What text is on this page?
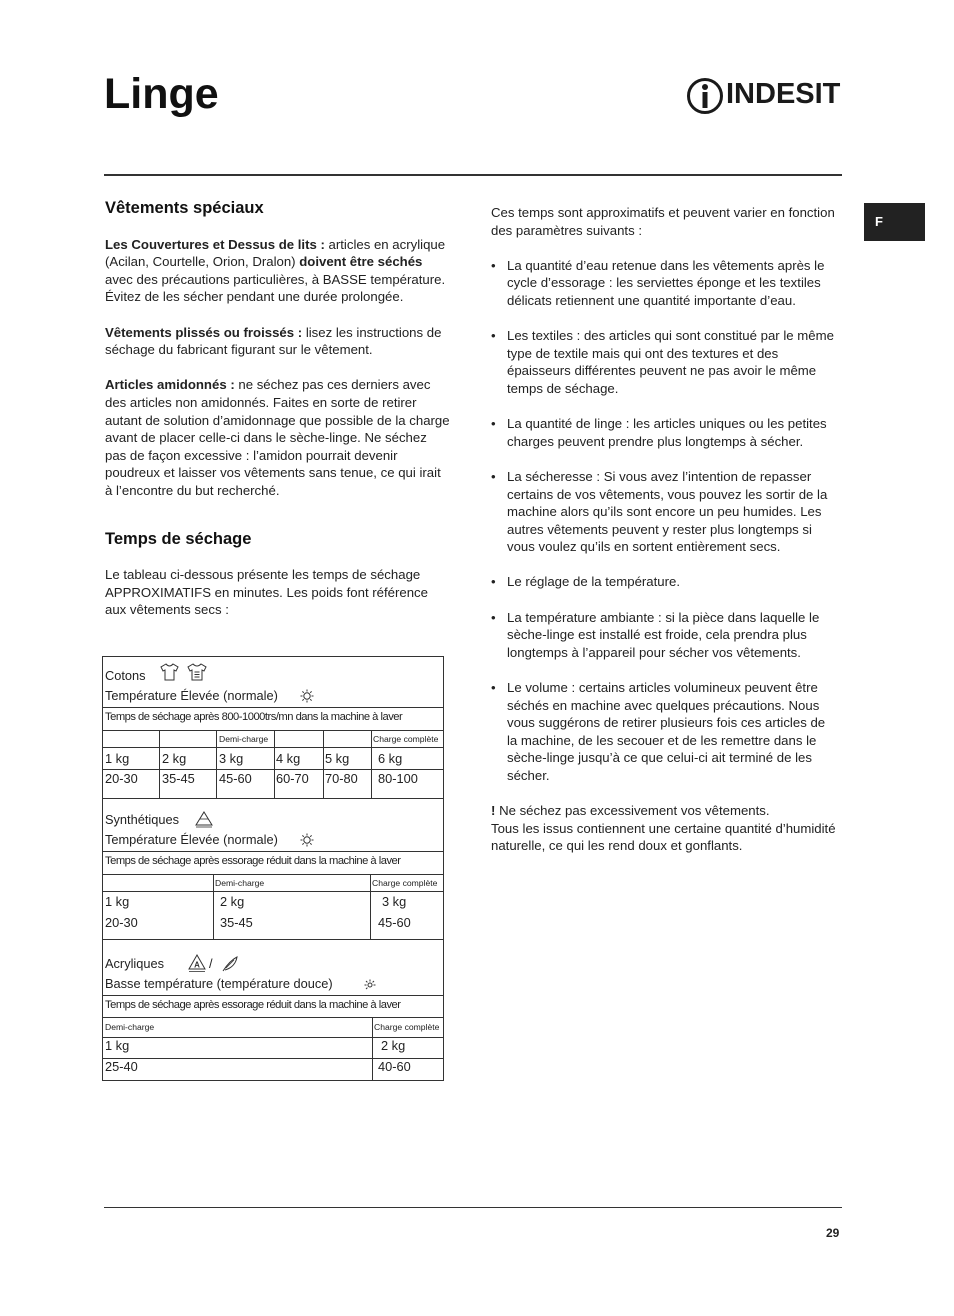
Linge	INDESIT
F
Vêtements spéciaux

Les Couvertures et Dessus de lits : articles en acrylique (Acilan, Courtelle, Orion, Dralon) doivent être séchés avec des précautions particulières, à BASSE température. Évitez de les sécher pendant une durée prolongée.

Vêtements plissés ou froissés : lisez les instructions de séchage du fabricant figurant sur le vêtement.

Articles amidonnés : ne séchez pas ces derniers avec des articles non amidonnés. Faites en sorte de retirer autant de solution d’amidonnage que possible de la charge avant de placer celle-ci dans le sèche-linge. Ne séchez pas de façon excessive : l’amidon pourrait devenir poudreux et laisser vos vêtements sans tenue, ce qui irait à l’encontre du but recherché.

Temps de séchage

Le tableau ci-dessous présente les temps de séchage APPROXIMATIFS en minutes. Les poids font référence aux vêtements secs :

Cotons
Température Élevée (normale)
Temps de séchage après 800-1000trs/mn dans la machine à laver
Demi-charge	Charge complète
1 kg	2 kg	3 kg	4 kg 5 kg 6 kg
20-30 35-45 45-60 60-70 70-80 80-100
Synthétiques
Température Élevée (normale)
Temps de séchage après essorage réduit dans la machine à laver
Demi-charge	Charge complète
1 kg	2 kg	3 kg
20-30	35-45	45-60
Acryliques	A /
Basse température (température douce)
Temps de séchage après essorage réduit dans la machine à laver
Demi-charge	Charge complète
1 kg	2 kg
25-40	40-60

Ces temps sont approximatifs et peuvent varier en fonction des paramètres suivants :

• La quantité d’eau retenue dans les vêtements après le cycle d’essorage : les serviettes éponge et les textiles délicats retiennent une quantité importante d’eau.
• Les textiles : des articles qui sont constitué par le même type de textile mais qui ont des textures et des épaisseurs différentes peuvent ne pas avoir le même temps de séchage.
• La quantité de linge : les articles uniques ou les petites charges peuvent prendre plus longtemps à sécher.
• La sécheresse : Si vous avez l’intention de repasser certains de vos vêtements, vous pouvez les sortir de la machine alors qu’ils sont encore un peu humides. Les autres vêtements peuvent y rester plus longtemps si vous voulez qu’ils en sortent entièrement secs.
• Le réglage de la température.
• La température ambiante : si la pièce dans laquelle le sèche-linge est installé est froide, cela prendra plus longtemps à l’appareil pour sécher vos vêtements.
• Le volume : certains articles volumineux peuvent être séchés en machine avec quelques précautions. Nous vous suggérons de retirer plusieurs fois ces articles de la machine, de les secouer et de les remettre dans le sèche-linge jusqu’à ce que celui-ci ait terminé de les sécher.

! Ne séchez pas excessivement vos vêtements.
Tous les issus contiennent une certaine quantité d’humidité naturelle, ce qui les rend doux et gonflants.

29
